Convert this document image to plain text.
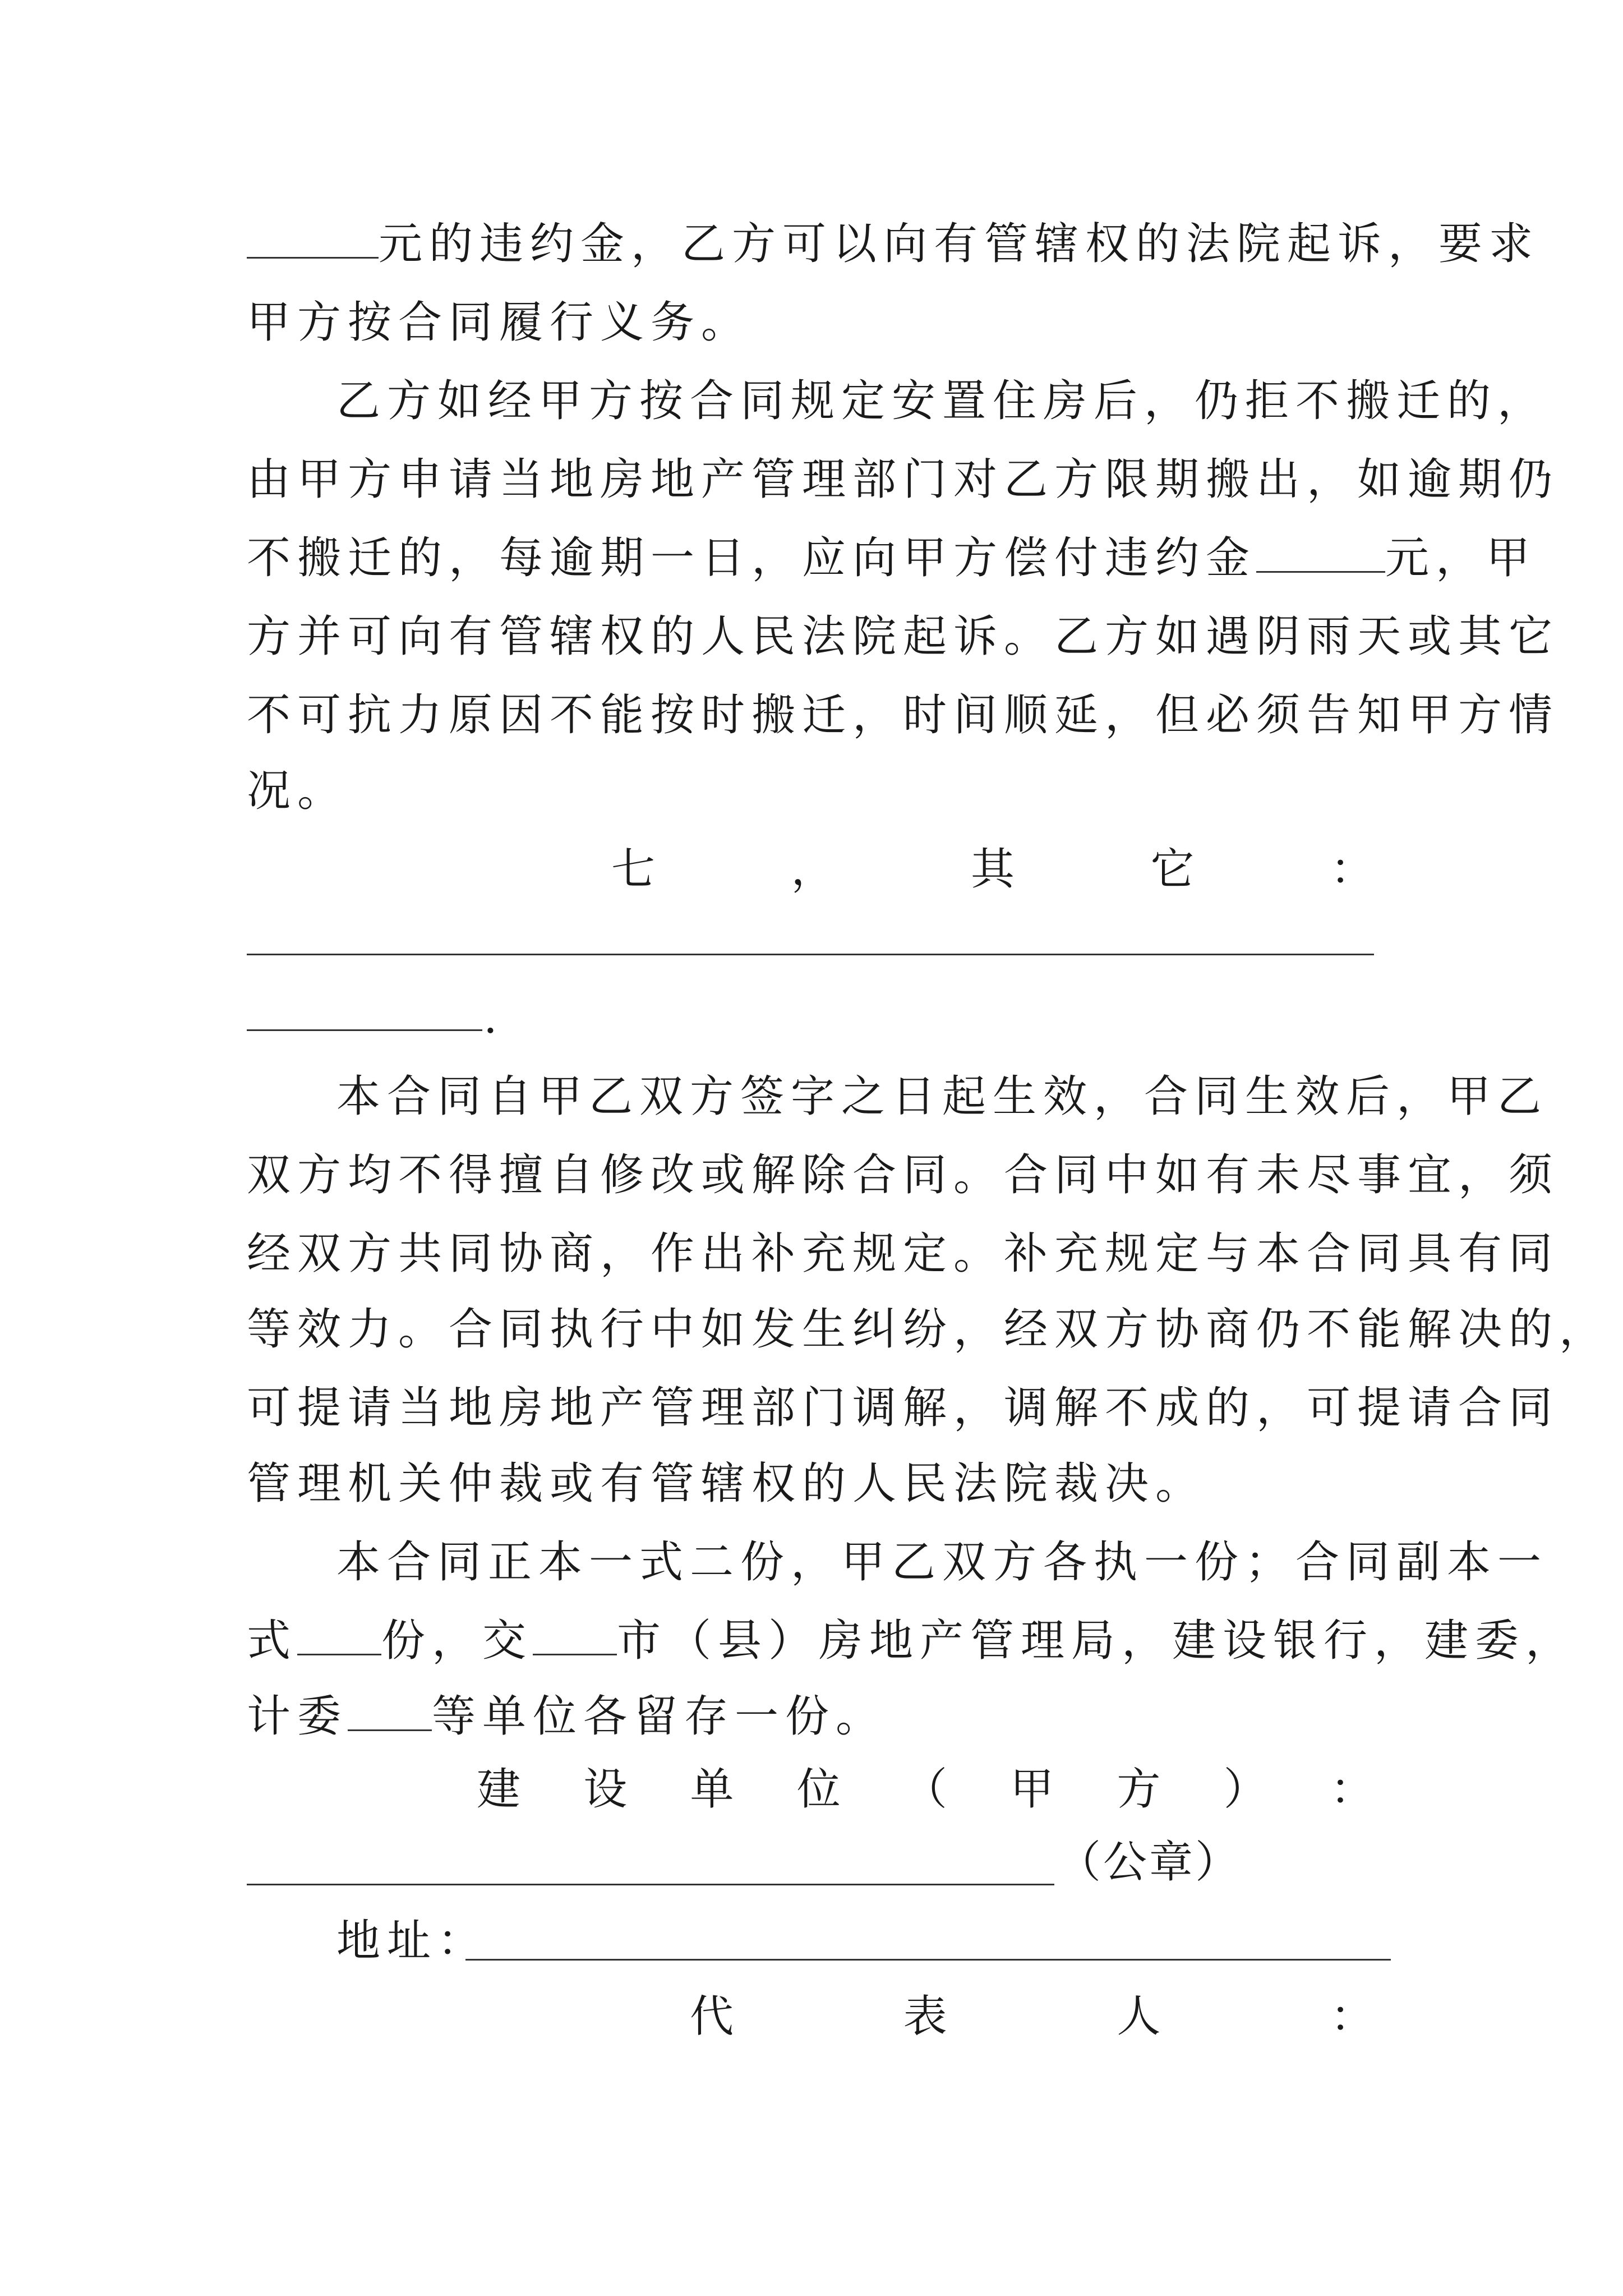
元的违约金，乙方可以向有管辖权的法院起诉，要求
甲方按合同履行义务。
乙方如经甲方按合同规定安置住房后，仍拒不搬迁的，
由甲方申请当地房地产管理部门对乙方限期搬出，如逾期仍
不搬迁的，每逾期一日，应向甲方偿付违约金	元，甲
方并可向有管辖权的人民法院起诉。乙方如遇阴雨天或其它
不可抗力原因不能按时搬迁，时间顺延，但必须告知甲方情
况。
七	，	其	它	：
.
本合同自甲乙双方签字之日起生效，合同生效后，甲乙
双方均不得擅自修改或解除合同。合同中如有未尽事宜，须
经双方共同协商，作出补充规定。补充规定与本合同具有同
等效力。合同执行中如发生纠纷，经双方协商仍不能解决的，
可提请当地房地产管理部门调解，调解不成的，可提请合同
管理机关仲裁或有管辖权的人民法院裁决。
本合同正本一式二份，甲乙双方各执一份；合同副本一
式 份，交 市（县）房地产管理局，建设银行，建委，
计委 等单位各留存一份。
建 设 单 位 （ 甲 方 ） ：
（公章）
地址：
代	表	人	：
